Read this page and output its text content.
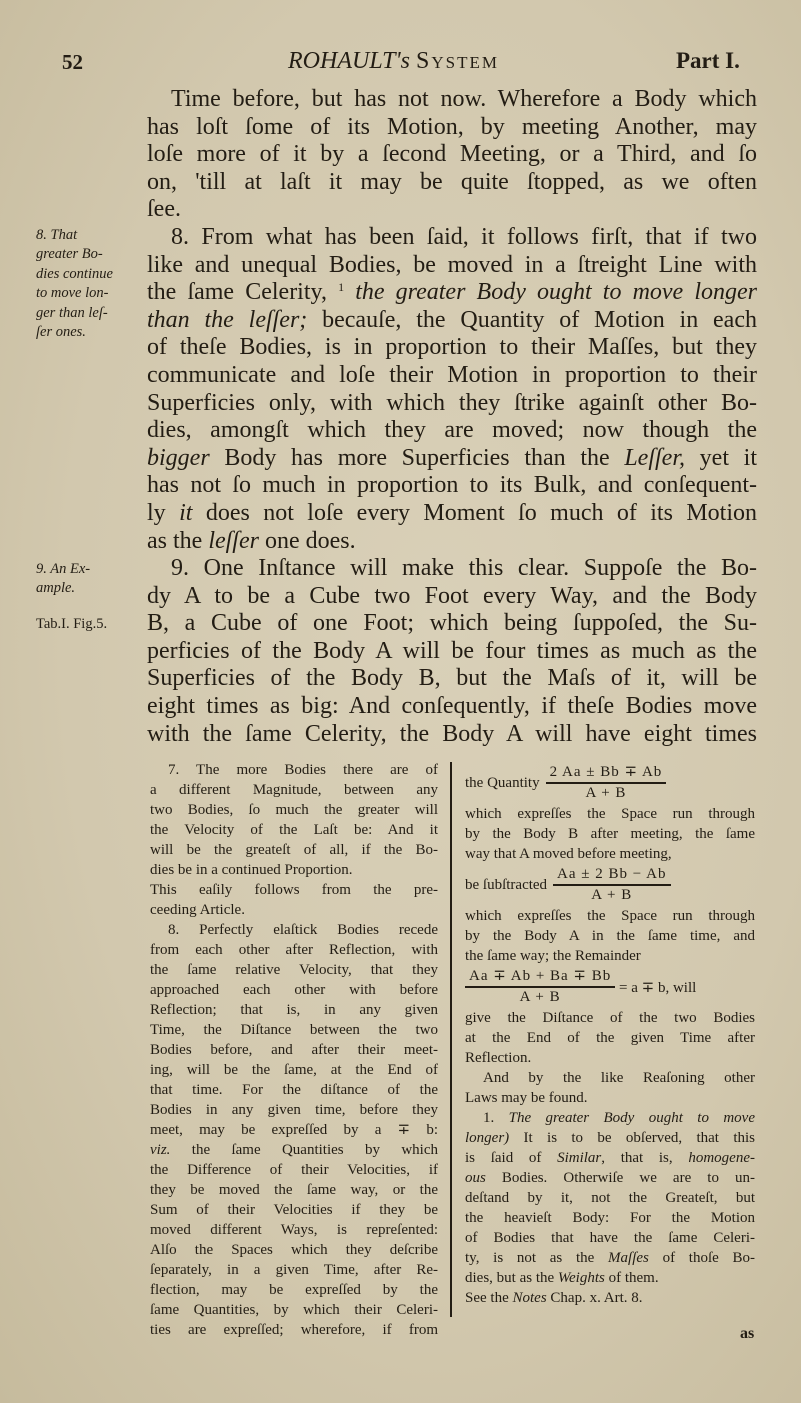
52	ROHAULT's System	Part I.
8. That
greater Bo-
dies continue
to move lon-
ger than leſ-
ſer ones.
9. An Ex-
ample.
Tab.I. Fig.5.
Time before, but has not now. Wherefore a Body which
has loſt ſome of its Motion, by meeting Another, may
loſe more of it by a ſecond Meeting, or a Third, and ſo
on, 'till at laſt it may be quite ſtopped, as we often
ſee.
8. From what has been ſaid, it follows firſt, that if two
like and unequal Bodies, be moved in a ſtreight Line with
the ſame Celerity, $^1$ the greater Body ought to move longer
than the leſſer; becauſe, the Quantity of Motion in each
of theſe Bodies, is in proportion to their Maſſes, but they
communicate and loſe their Motion in proportion to their
Superficies only, with which they ſtrike againſt other Bo-
dies, amongſt which they are moved; now though the
bigger Body has more Superficies than the Leſſer, yet it
has not ſo much in proportion to its Bulk, and conſequent-
ly it does not loſe every Moment ſo much of its Motion
as the leſſer one does.
9. One Inſtance will make this clear. Suppoſe the Bo-
dy A to be a Cube two Foot every Way, and the Body
B, a Cube of one Foot; which being ſuppoſed, the Su-
perficies of the Body A will be four times as much as the
Superficies of the Body B, but the Maſs of it, will be
eight times as big: And conſequently, if theſe Bodies move
with the ſame Celerity, the Body A will have eight times
7. The more Bodies there are of
a different Magnitude, between any
two Bodies, ſo much the greater will
the Velocity of the Laſt be: And it
will be the greateſt of all, if the Bo-
dies be in a continued Proportion.
This eaſily follows from the pre-
ceeding Article.
8. Perfectly elaſtick Bodies recede
from each other after Reflection, with
the ſame relative Velocity, that they
approached each other with before
Reflection; that is, in any given
Time, the Diſtance between the two
Bodies before, and after their meet-
ing, will be the ſame, at the End of
that time. For the diſtance of the
Bodies in any given time, before they
meet, may be expreſſed by a ∓ b:
viz. the ſame Quantities by which
the Difference of their Velocities, if
they be moved the ſame way, or the
Sum of their Velocities if they be
moved different Ways, is repreſented:
Alſo the Spaces which they deſcribe
ſeparately, in a given Time, after Re-
flection, may be expreſſed by the
ſame Quantities, by which their Celeri-
ties are expreſſed; wherefore, if from
the Quantity $\frac{2 Aa \pm Bb \mp Ab}{A + B}$
which expreſſes the Space run through
by the Body B after meeting, the ſame
way that A moved before meeting,
be ſubſtracted $\frac{Aa \pm 2 Bb - Ab}{A + B}$
which expreſſes the Space run through
by the Body A in the ſame time, and
the ſame way; the Remainder
$\frac{Aa \mp Ab + Ba \mp Bb}{A + B} = a \mp b$, will
give the Diſtance of the two Bodies
at the End of the given Time after
Reflection.
And by the like Reaſoning other
Laws may be found.
1. The greater Body ought to move
longer) It is to be obſerved, that this
is ſaid of Similar, that is, homogene-
ous Bodies. Otherwiſe we are to un-
deſtand by it, not the Greateſt, but
the heavieſt Body: For the Motion
of Bodies that have the ſame Celeri-
ty, is not as the Maſſes of thoſe Bo-
dies, but as the Weights of them.
See the Notes Chap. x. Art. 8.
as
